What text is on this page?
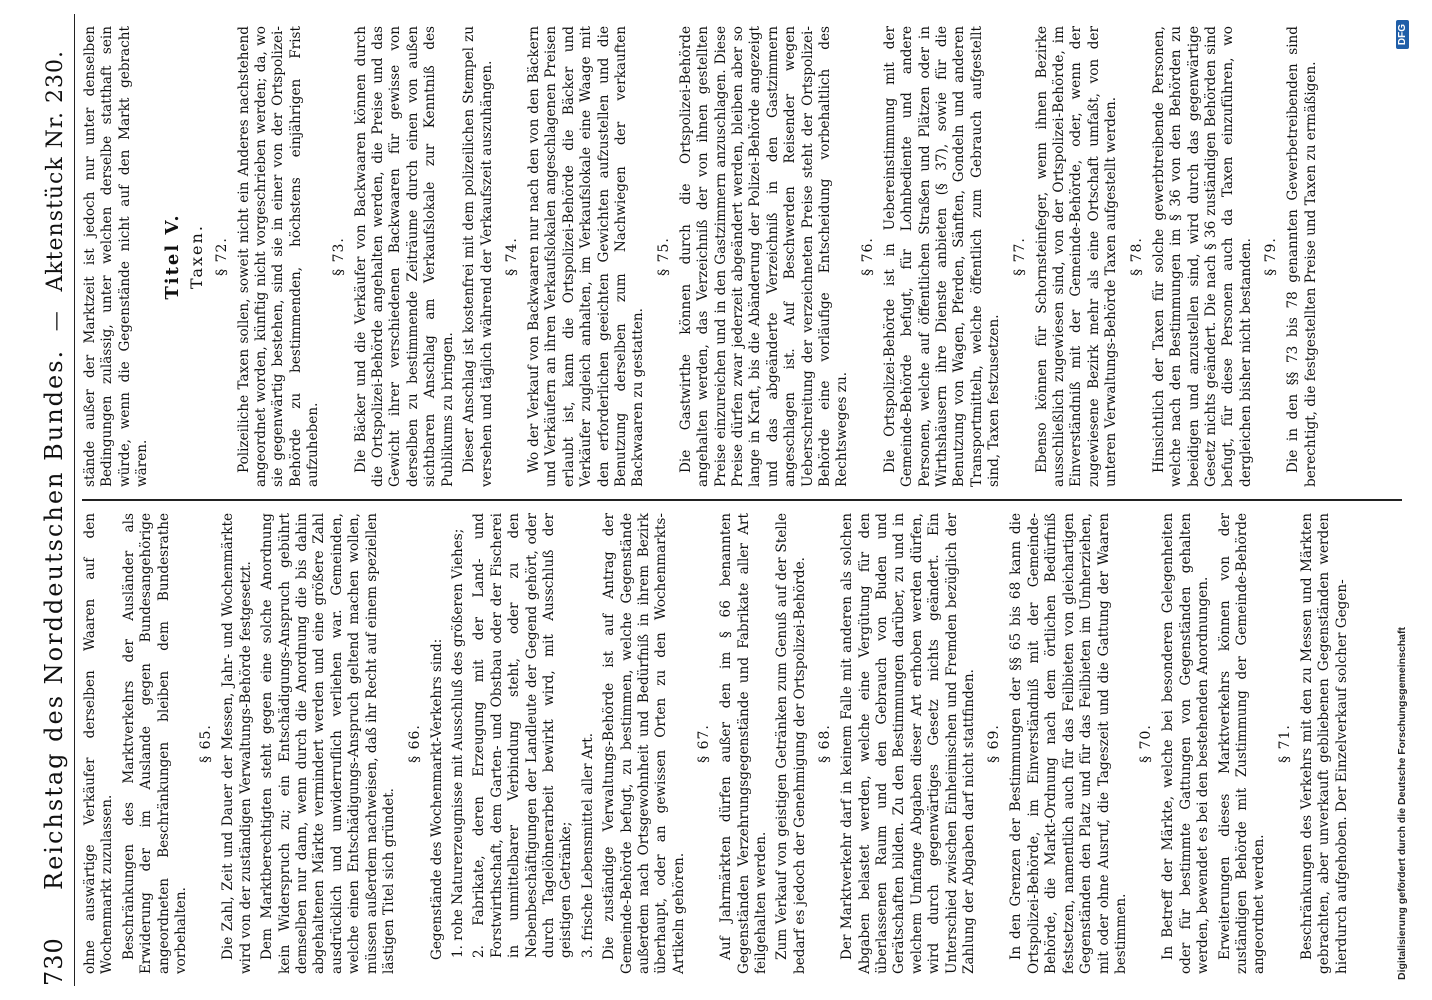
730
Reichstag des Norddeutschen Bundes. — Aktenstück Nr. 230.

ohne auswärtige Verkäufer derselben Waaren auf den Wochenmarkt zuzulassen. Beschränkungen des Marktverkehrs der Ausländer als Erwiderung der im Auslande gegen Bundesangehörige angeordneten Beschränkungen bleiben dem Bundesrathe vorbehalten.

§ 65. Die Zahl, Zeit und Dauer der Messen, Jahr- und Wochenmärkte wird von der zuständigen Verwaltungs-Behörde festgesetzt. Dem Marktberechtigten steht gegen eine solche Anordnung kein Widerspruch zu; ein Entschädigungs-Anspruch gebührt demselben nur dann, wenn durch die Anordnung die bis dahin abgehaltenen Märkte vermindert werden und eine größere Zahl ausdrücklich und unwiderruflich verliehen war. Gemeinden, welche einen Entschädigungs-Anspruch geltend machen wollen, müssen außerdem nachweisen, daß ihr Recht auf einem speziellen lästigen Titel sich gründet.

§ 66. Gegenstände des Wochenmarkt-Verkehrs sind: 1. rohe Naturerzeugnisse mit Ausschluß des größeren Viehes; 2. Fabrikate, deren Erzeugung mit der Land- und Forstwirthschaft, dem Garten- und Obstbau oder der Fischerei in unmittelbarer Verbindung steht, oder zu den Nebenbeschäftigungen der Landleute der Gegend gehört, oder durch Tagelöhnerarbeit bewirkt wird, mit Ausschluß der geistigen Getränke; 3. frische Lebensmittel aller Art. Die zuständige Verwaltungs-Behörde ist auf Antrag der Gemeinde-Behörde befugt, zu bestimmen, welche Gegenstände außerdem nach Ortsgewohnheit und Bedürfniß in ihrem Bezirk überhaupt, oder an gewissen Orten zu den Wochenmarkts-Artikeln gehören.

§ 67. Auf Jahrmärkten dürfen außer den im § 66 benannten Gegenständen Verzehrungsgegenstände und Fabrikate aller Art feilgehalten werden. Zum Verkauf von geistigen Getränken zum Genuß auf der Stelle bedarf es jedoch der Genehmigung der Ortspolizei-Behörde. § 68. Der Marktverkehr darf in keinem Falle mit anderen als solchen Abgaben belastet werden, welche eine Vergütung für den überlassenen Raum und den Gebrauch von Buden und Gerätschaften bilden. Zu den Bestimmungen darüber, zu und in welchem Umfange Abgaben dieser Art erhoben werden dürfen, wird durch gegenwärtiges Gesetz nichts geändert. Ein Unterschied zwischen Einheimischen und Fremden bezüglich der Zahlung der Abgaben darf nicht stattfinden. § 69. In den Grenzen der Bestimmungen der §§ 65 bis 68 kann die Ortspolizei-Behörde, im Einverständniß mit der Gemeinde-Behörde, die Markt-Ordnung nach dem örtlichen Bedürfniß festsetzen, namentlich auch für das Feilbieten von gleichartigen Gegenständen den Platz und für das Feilbieten im Umherziehen, mit oder ohne Ausruf, die Tageszeit und die Gattung der Waaren bestimmen.

§ 70. In Betreff der Märkte, welche bei besonderen Gelegenheiten oder für bestimmte Gattungen von Gegenständen gehalten werden, bewendet es bei den bestehenden Anordnungen. Erweiterungen dieses Marktverkehrs können von der zuständigen Behörde mit Zustimmung der Gemeinde-Behörde angeordnet werden.

§ 71. Beschränkungen des Verkehrs mit den zu Messen und Märkten gebrachten, aber unverkauft gebliebenen Gegenständen werden hierdurch aufgehoben. Der Einzelverkauf solcher Gegen-

stände außer der Marktzeit ist jedoch nur unter denselben Bedingungen zulässig, unter welchen derselbe statthaft sein würde, wenn die Gegenstände nicht auf den Markt gebracht wären.

Titel V. Taxen. § 72. Polizeiliche Taxen sollen, soweit nicht ein Anderes nachstehend angeordnet worden, künftig nicht vorgeschrieben werden; da, wo sie gegenwärtig bestehen, sind sie in einer von der Ortspolizei-Behörde zu bestimmenden, höchstens einjährigen Frist aufzuheben.

§ 73. Die Bäcker und die Verkäufer von Backwaaren können durch die Ortspolizei-Behörde angehalten werden, die Preise und das Gewicht ihrer verschiedenen Backwaaren für gewisse von derselben zu bestimmende Zeiträume durch einen von außen sichtbaren Anschlag am Verkaufslokale zur Kenntniß des Publikums zu bringen. Dieser Anschlag ist kostenfrei mit dem polizeilichen Stempel zu versehen und täglich während der Verkaufszeit auszuhängen. § 74. Wo der Verkauf von Backwaaren nur nach den von den Bäckern und Verkäufern an ihren Verkaufslokalen angeschlagenen Preisen erlaubt ist, kann die Ortspolizei-Behörde die Bäcker und Verkäufer zugleich anhalten, im Verkaufslokale eine Waage mit den erforderlichen geeichten Gewichten aufzustellen und die Benutzung derselben zum Nachwiegen der verkauften Backwaaren zu gestatten.

§ 75. Die Gastwirthe können durch die Ortspolizei-Behörde angehalten werden, das Verzeichniß der von ihnen gestellten Preise einzureichen und in den Gastzimmern anzuschlagen. Diese Preise dürfen zwar jederzeit abgeändert werden, bleiben aber so lange in Kraft, bis die Abänderung der Polizei-Behörde angezeigt und das abgeänderte Verzeichniß in den Gastzimmern angeschlagen ist. Auf Beschwerden Reisender wegen Ueberschreitung der verzeichneten Preise steht der Ortspolizei-Behörde eine vorläufige Entscheidung vorbehaltlich des Rechtsweges zu.

§ 76. Die Ortspolizei-Behörde ist in Uebereinstimmung mit der Gemeinde-Behörde befugt, für Lohnbediente und andere Personen, welche auf öffentlichen Straßen und Plätzen oder in Wirthshäusern ihre Dienste anbieten (§ 37), sowie für die Benutzung von Wagen, Pferden, Sänften, Gondeln und anderen Transportmitteln, welche öffentlich zum Gebrauch aufgestellt sind, Taxen festzusetzen.

§ 77. Ebenso können für Schornsteinfeger, wenn ihnen Bezirke ausschließlich zugewiesen sind, von der Ortspolizei-Behörde, im Einverständniß mit der Gemeinde-Behörde, oder, wenn der zugewiesene Bezirk mehr als eine Ortschaft umfaßt, von der unteren Verwaltungs-Behörde Taxen aufgestellt werden. § 78. Hinsichtlich der Taxen für solche gewerbtreibende Personen, welche nach den Bestimmungen im § 36 von den Behörden zu beeidigen und anzustellen sind, wird durch das gegenwärtige Gesetz nichts geändert. Die nach § 36 zuständigen Behörden sind befugt, für diese Personen auch da Taxen einzuführen, wo dergleichen bisher nicht bestanden. § 79. Die in den §§ 73 bis 78 genannten Gewerbetreibenden sind berechtigt, die festgestellten Preise und Taxen zu ermäßigen.

Digitalisierung gefördert durch die Deutsche Forschungsgemeinschaft
DFG
